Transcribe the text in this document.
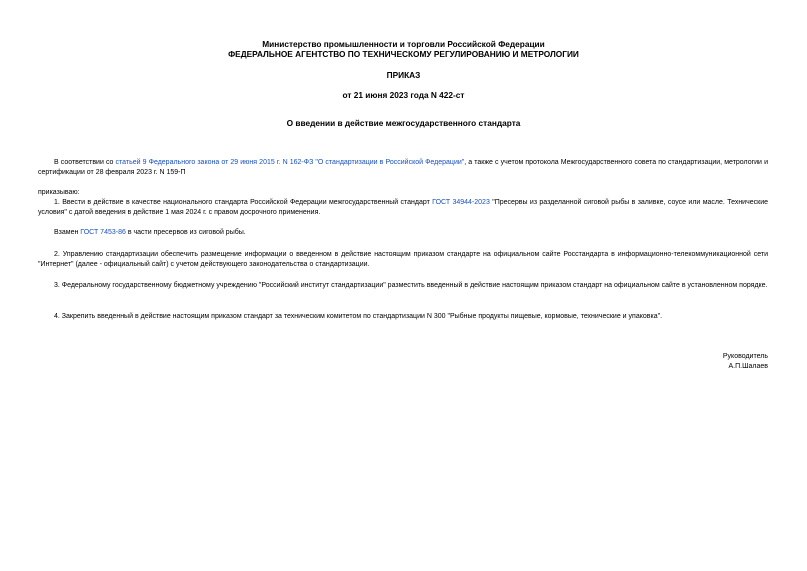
Министерство промышленности и торговли Российской Федерации
ФЕДЕРАЛЬНОЕ АГЕНТСТВО ПО ТЕХНИЧЕСКОМУ РЕГУЛИРОВАНИЮ И МЕТРОЛОГИИ
ПРИКАЗ
от 21 июня 2023 года N 422-ст
О введении в действие межгосударственного стандарта
В соответствии со статьей 9 Федерального закона от 29 июня 2015 г. N 162-ФЗ "О стандартизации в Российской Федерации", а также с учетом протокола Межгосударственного совета по стандартизации, метрологии и сертификации от 28 февраля 2023 г. N 159-П
приказываю:
1. Ввести в действие в качестве национального стандарта Российской Федерации межгосударственный стандарт ГОСТ 34944-2023 "Пресервы из разделанной сиговой рыбы в заливке, соусе или масле. Технические условия" с датой введения в действие 1 мая 2024 г. с правом досрочного применения.
Взамен ГОСТ 7453-86 в части пресервов из сиговой рыбы.
2. Управлению стандартизации обеспечить размещение информации о введенном в действие настоящим приказом стандарте на официальном сайте Росстандарта в информационно-телекоммуникационной сети "Интернет" (далее - официальный сайт) с учетом действующего законодательства о стандартизации.
3. Федеральному государственному бюджетному учреждению "Российский институт стандартизации" разместить введенный в действие настоящим приказом стандарт на официальном сайте в установленном порядке.
4. Закрепить введенный в действие настоящим приказом стандарт за техническим комитетом по стандартизации N 300 "Рыбные продукты пищевые, кормовые, технические и упаковка".
Руководитель
А.П.Шалаев
